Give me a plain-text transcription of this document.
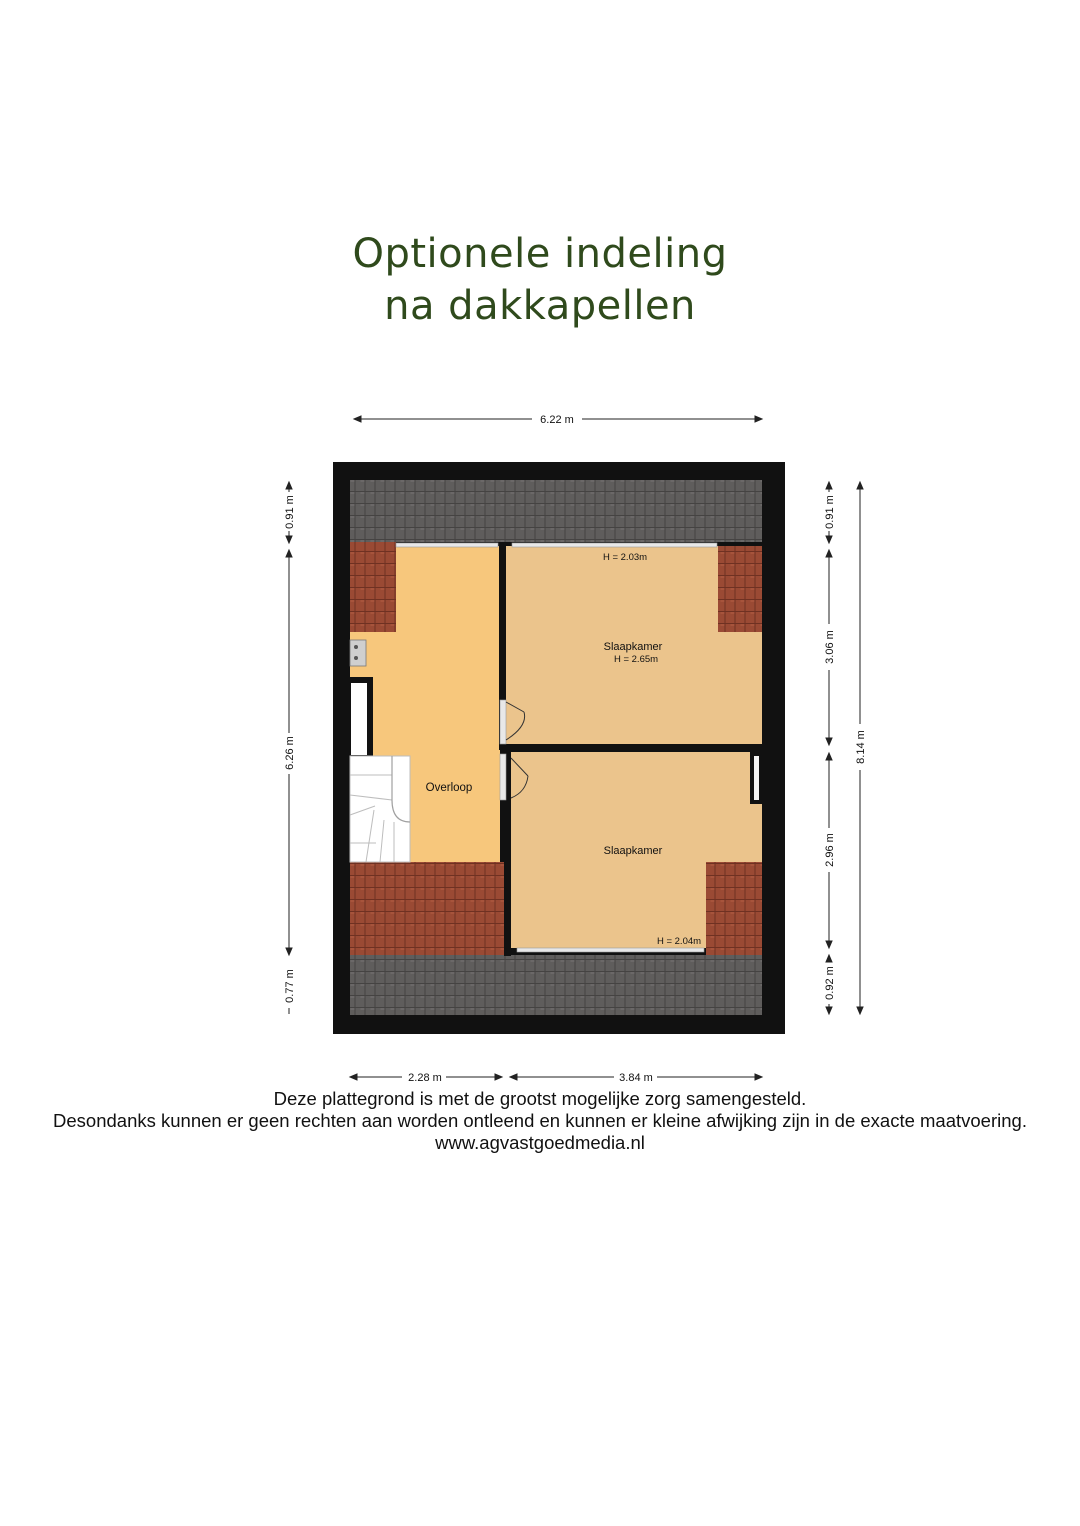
Optionele indeling
na dakkapellen
Overloop
Slaapkamer
H = 2.65m
H = 2.03m
Slaapkamer
H = 2.04m
6.22 m
2.28 m	3.84 m
0.91 m
6.26 m
0.77 m
0.91 m
3.06 m
2.96 m
0.92 m
8.14 m
Deze plattegrond is met de grootst mogelijke zorg samengesteld.
Desondanks kunnen er geen rechten aan worden ontleend en kunnen er kleine afwijking zijn in de exacte maatvoering.
www.agvastgoedmedia.nl
